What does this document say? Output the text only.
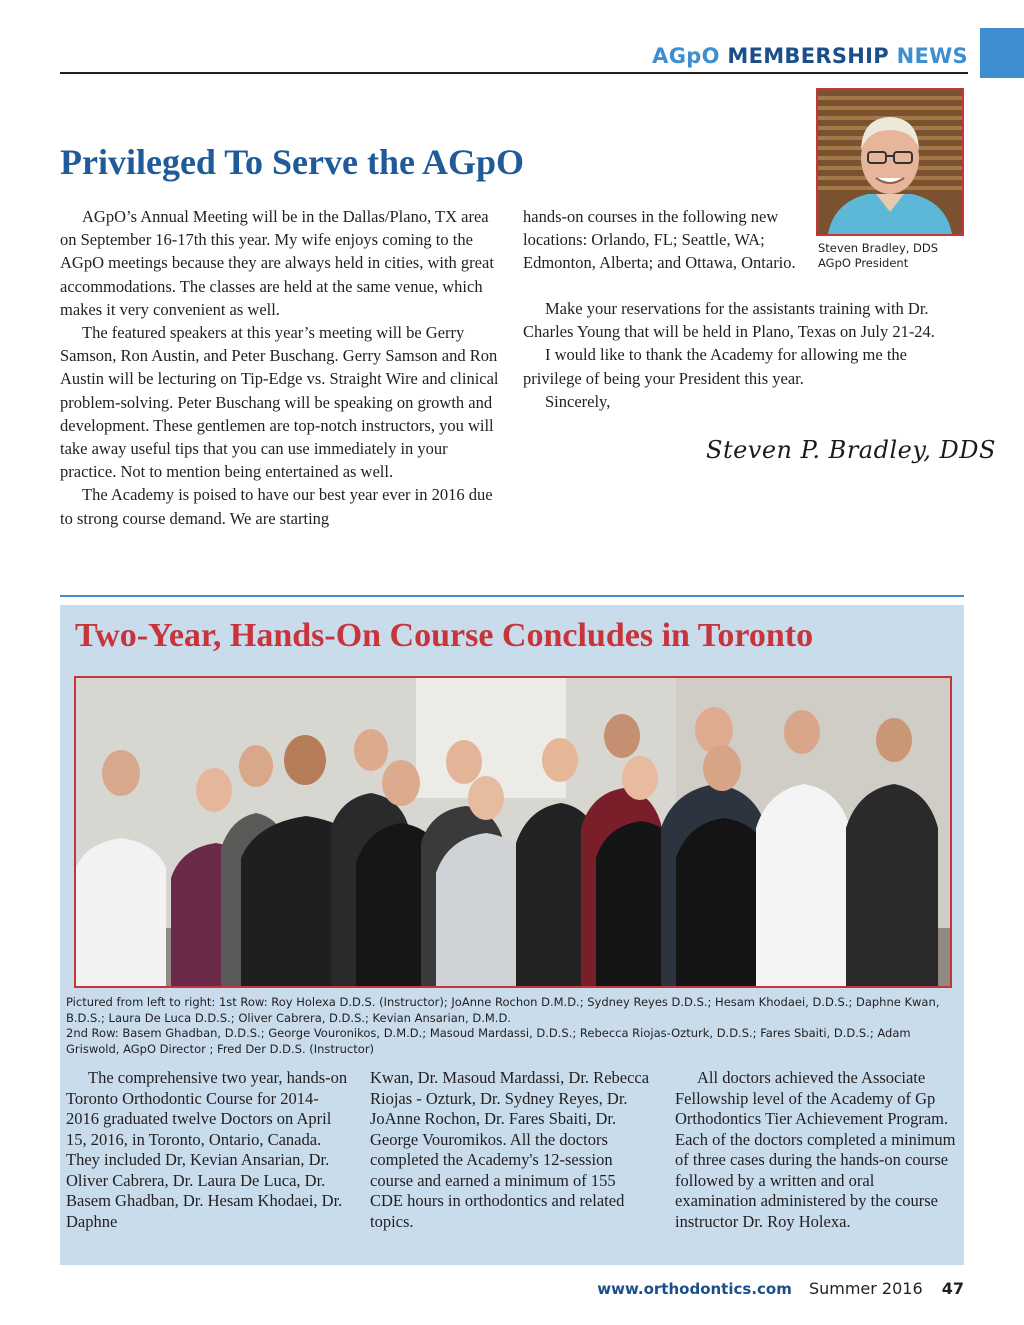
AGpO MEMBERSHIP NEWS
Steven Bradley, DDS
AGpO President
Privileged To Serve the AGpO

AGpO’s Annual Meeting will be in the Dallas/Plano, TX area on September 16-17th this year. My wife enjoys coming to the AGpO meetings because they are always held in cities, with great accommodations. The classes are held at the same venue, which makes it very convenient as well.

The featured speakers at this year’s meeting will be Gerry Samson, Ron Austin, and Peter Buschang. Gerry Samson and Ron Austin will be lecturing on Tip-Edge vs. Straight Wire and clinical problem-solving. Peter Buschang will be speaking on growth and development. These gentlemen are top-notch instructors, you will take away useful tips that you can use immediately in your practice. Not to mention being entertained as well.

The Academy is poised to have our best year ever in 2016 due to strong course demand. We are starting

hands-on courses in the following new locations: Orlando, FL; Seattle, WA; Edmonton, Alberta; and Ottawa, Ontario.

Make your reservations for the assistants training with Dr. Charles Young that will be held in Plano, Texas on July 21-24.

I would like to thank the Academy for allowing me the privilege of being your President this year.

Sincerely,

Steven P. Bradley, DDS
Two-Year, Hands-On Course Concludes in Toronto
Pictured from left to right: 1st Row: Roy Holexa D.D.S. (Instructor); JoAnne Rochon D.M.D.; Sydney Reyes D.D.S.; Hesam Khodaei, D.D.S.; Daphne Kwan, B.D.S.; Laura De Luca D.D.S.; Oliver Cabrera, D.D.S.; Kevian Ansarian, D.M.D.
2nd Row: Basem Ghadban, D.D.S.; George Vouronikos, D.M.D.; Masoud Mardassi, D.D.S.; Rebecca Riojas-Ozturk, D.D.S.; Fares Sbaiti, D.D.S.; Adam Griswold, AGpO Director ; Fred Der D.D.S. (Instructor)

The comprehensive two year, hands-on Toronto Orthodontic Course for 2014-2016 graduated twelve Doctors on April 15, 2016, in Toronto, Ontario, Canada. They included Dr, Kevian Ansarian, Dr. Oliver Cabrera, Dr. Laura De Luca, Dr. Basem Ghadban, Dr. Hesam Khodaei, Dr. Daphne

Kwan, Dr. Masoud Mardassi, Dr. Rebecca Riojas - Ozturk, Dr. Sydney Reyes, Dr. JoAnne Rochon, Dr. Fares Sbaiti, Dr. George Vouromikos. All the doctors completed the Academy's 12-session course and earned a minimum of 155 CDE hours in orthodontics and related topics.

All doctors achieved the Associate Fellowship level of the Academy of Gp Orthodontics Tier Achievement Program. Each of the doctors completed a minimum of three cases during the hands-on course followed by a written and oral examination administered by the course instructor Dr. Roy Holexa.

www.orthodontics.com Summer 2016 47
